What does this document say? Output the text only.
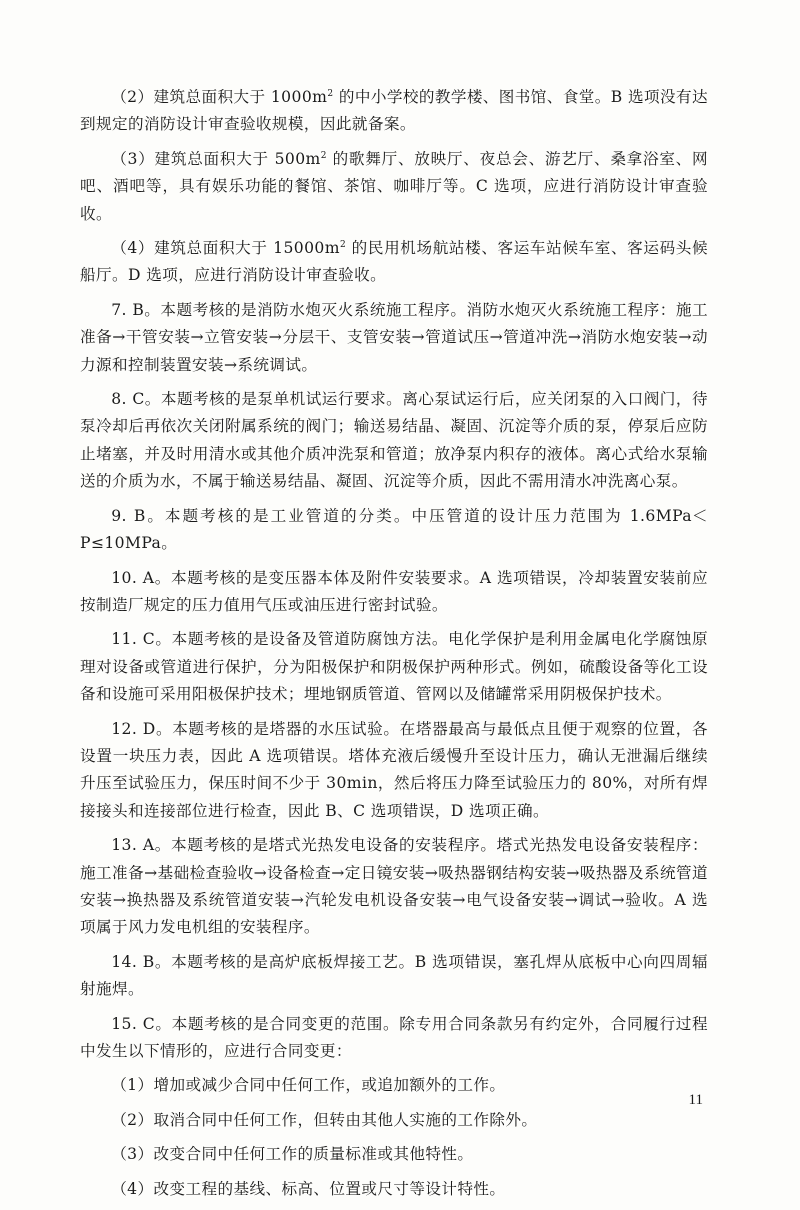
（2）建筑总面积大于 $1000m^2$ 的中小学校的教学楼、图书馆、食堂。B 选项没有达到规定的消防设计审查验收规模，因此就备案。

（3）建筑总面积大于 $500m^2$ 的歌舞厅、放映厅、夜总会、游艺厅、桑拿浴室、网吧、酒吧等，具有娱乐功能的餐馆、茶馆、咖啡厅等。C 选项，应进行消防设计审查验收。

（4）建筑总面积大于 $15000m^2$ 的民用机场航站楼、客运车站候车室、客运码头候船厅。D 选项，应进行消防设计审查验收。

7. B。本题考核的是消防水炮灭火系统施工程序。消防水炮灭火系统施工程序：施工准备→干管安装→立管安装→分层干、支管安装→管道试压→管道冲洗→消防水炮安装→动力源和控制装置安装→系统调试。

8. C。本题考核的是泵单机试运行要求。离心泵试运行后，应关闭泵的入口阀门，待泵冷却后再依次关闭附属系统的阀门；输送易结晶、凝固、沉淀等介质的泵，停泵后应防止堵塞，并及时用清水或其他介质冲洗泵和管道；放净泵内积存的液体。离心式给水泵输送的介质为水，不属于输送易结晶、凝固、沉淀等介质，因此不需用清水冲洗离心泵。

9. B。本题考核的是工业管道的分类。中压管道的设计压力范围为 1.6MPa＜P≤10MPa。

10. A。本题考核的是变压器本体及附件安装要求。A 选项错误，冷却装置安装前应按制造厂规定的压力值用气压或油压进行密封试验。

11. C。本题考核的是设备及管道防腐蚀方法。电化学保护是利用金属电化学腐蚀原理对设备或管道进行保护，分为阳极保护和阴极保护两种形式。例如，硫酸设备等化工设备和设施可采用阳极保护技术；埋地钢质管道、管网以及储罐常采用阴极保护技术。

12. D。本题考核的是塔器的水压试验。在塔器最高与最低点且便于观察的位置，各设置一块压力表，因此 A 选项错误。塔体充液后缓慢升至设计压力，确认无泄漏后继续升压至试验压力，保压时间不少于 30min，然后将压力降至试验压力的 80%，对所有焊接接头和连接部位进行检查，因此 B、C 选项错误，D 选项正确。

13. A。本题考核的是塔式光热发电设备的安装程序。塔式光热发电设备安装程序：施工准备→基础检查验收→设备检查→定日镜安装→吸热器钢结构安装→吸热器及系统管道安装→换热器及系统管道安装→汽轮发电机设备安装→电气设备安装→调试→验收。A 选项属于风力发电机组的安装程序。

14. B。本题考核的是高炉底板焊接工艺。B 选项错误，塞孔焊从底板中心向四周辐射施焊。

15. C。本题考核的是合同变更的范围。除专用合同条款另有约定外，合同履行过程中发生以下情形的，应进行合同变更：

（1）增加或减少合同中任何工作，或追加额外的工作。

（2）取消合同中任何工作，但转由其他人实施的工作除外。

（3）改变合同中任何工作的质量标准或其他特性。

（4）改变工程的基线、标高、位置或尺寸等设计特性。

11
